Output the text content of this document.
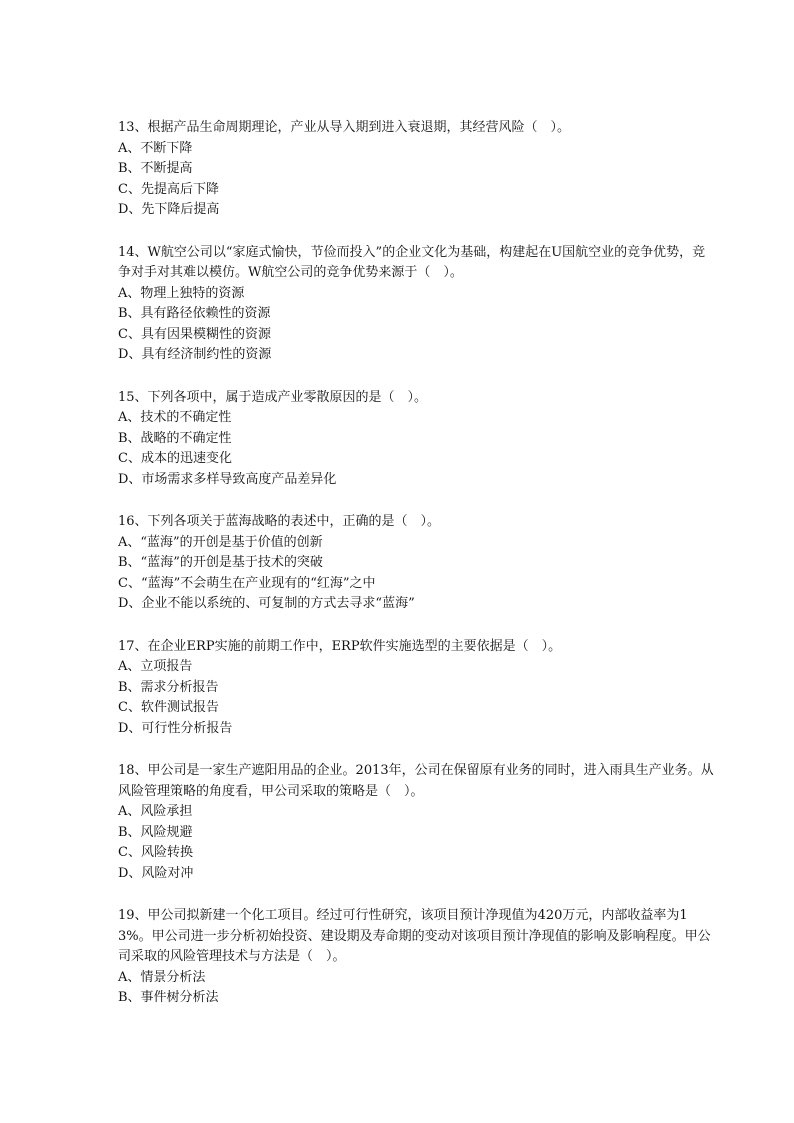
13、根据产品生命周期理论，产业从导入期到进入衰退期，其经营风险（　）。

A、不断下降
B、不断提高
C、先提高后下降
D、先下降后提高

14、W航空公司以“家庭式愉快，节俭而投入”的企业文化为基础，构建起在U国航空业的竞争优势，竞争对手对其难以模仿。W航空公司的竞争优势来源于（　）。

A、物理上独特的资源
B、具有路径依赖性的资源
C、具有因果模糊性的资源
D、具有经济制约性的资源

15、下列各项中，属于造成产业零散原因的是（　）。

A、技术的不确定性
B、战略的不确定性
C、成本的迅速变化
D、市场需求多样导致高度产品差异化

16、下列各项关于蓝海战略的表述中，正确的是（　）。

A、“蓝海”的开创是基于价值的创新
B、“蓝海”的开创是基于技术的突破
C、“蓝海”不会萌生在产业现有的“红海”之中
D、企业不能以系统的、可复制的方式去寻求“蓝海”

17、在企业ERP实施的前期工作中，ERP软件实施选型的主要依据是（　）。

A、立项报告
B、需求分析报告
C、软件测试报告
D、可行性分析报告

18、甲公司是一家生产遮阳用品的企业。2013年，公司在保留原有业务的同时，进入雨具生产业务。从风险管理策略的角度看，甲公司采取的策略是（　）。

A、风险承担
B、风险规避
C、风险转换
D、风险对冲

19、甲公司拟新建一个化工项目。经过可行性研究，该项目预计净现值为420万元，内部收益率为13%。甲公司进一步分析初始投资、建设期及寿命期的变动对该项目预计净现值的影响及影响程度。甲公司采取的风险管理技术与方法是（　）。

A、情景分析法
B、事件树分析法
